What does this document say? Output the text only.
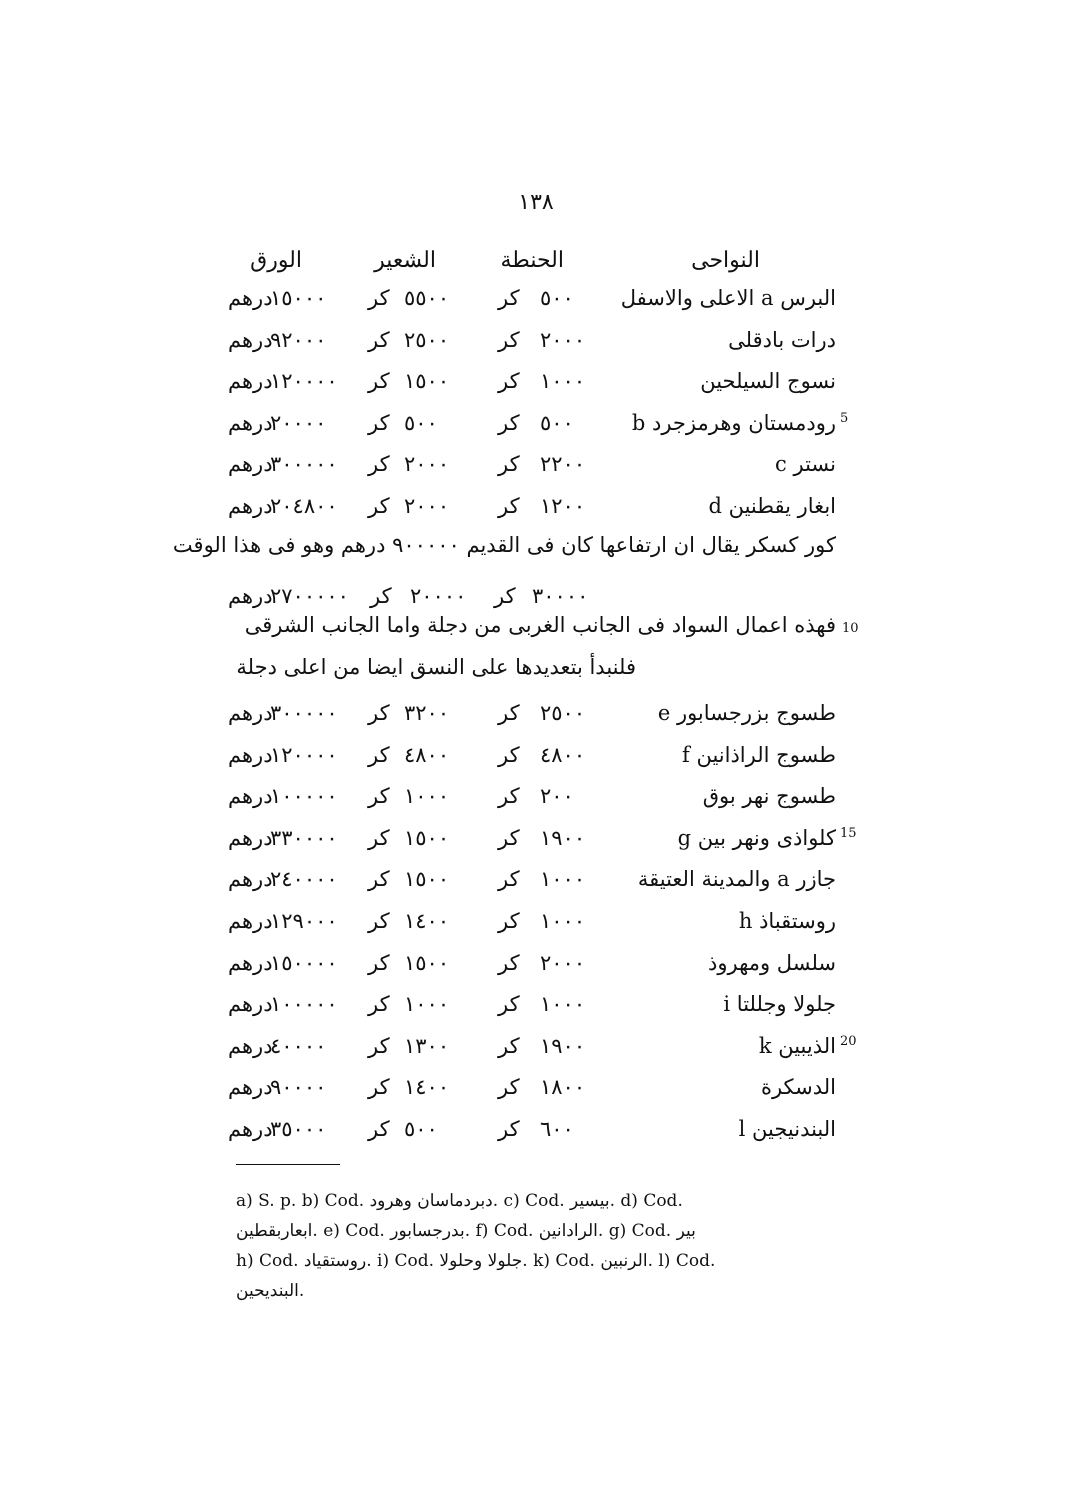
١٣٨
النواحى
الحنطة
الشعير
الورق
البرس a الاعلى والاسفل
٥٠٠
كر
٥٥٠٠
كر
درهم
١٥٠٠٠
درات بادقلى
٢٠٠٠
كر
٢٥٠٠
كر
درهم
٩٢٠٠٠
نسوج السيلحين
١٠٠٠
كر
١٥٠٠
كر
درهم
١٢٠٠٠٠
5
رودمستان وهرمزجرد b
٥٠٠
كر
٥٠٠
كر
درهم
٢٠٠٠٠
نستر c
٢٢٠٠
كر
٢٠٠٠
كر
درهم
٣٠٠٠٠٠
ابغار يقطنين d
١٢٠٠
كر
٢٠٠٠
كر
درهم
٢٠٤٨٠٠
٣٠٠٠٠
كر
٢٠٠٠٠
كر
درهم
٢٧٠٠٠٠٠
طسوج بزرجسابور e
٢٥٠٠
كر
٣٢٠٠
كر
درهم
٣٠٠٠٠٠
طسوج الراذانين f
٤٨٠٠
كر
٤٨٠٠
كر
درهم
١٢٠٠٠٠
طسوج نهر بوق
٢٠٠
كر
١٠٠٠
كر
درهم
١٠٠٠٠٠
15
كلواذى ونهر بين g
١٩٠٠
كر
١٥٠٠
كر
درهم
٣٣٠٠٠٠
جازر a والمدينة العتيقة
١٠٠٠
كر
١٥٠٠
كر
درهم
٢٤٠٠٠٠
روستقباذ h
١٠٠٠
كر
١٤٠٠
كر
درهم
١٢٩٠٠٠
سلسل ومهروذ
٢٠٠٠
كر
١٥٠٠
كر
درهم
١٥٠٠٠٠
جلولا وجللتا i
١٠٠٠
كر
١٠٠٠
كر
درهم
١٠٠٠٠٠
20
الذيبين k
١٩٠٠
كر
١٣٠٠
كر
درهم
٤٠٠٠٠
الدسكرة
١٨٠٠
كر
١٤٠٠
كر
درهم
٩٠٠٠٠
البندنيجين l
٦٠٠
كر
٥٠٠
كر
درهم
٣٥٠٠٠
فهذه اعمال السواد فى الجانب الغربى من دجلة واما الجانب الشرقى 10
فلنبدأ بتعديدها على النسق ايضا من اعلى دجلة
كور كسكر يقال ان ارتفاعها كان فى القديم ٩٠٠٠٠٠ درهم وهو فى هذا الوقت
a) S. p. b) Cod. دبردماسان وهرود. c) Cod. بيسير. d) Cod.
ابعاربقطين. e) Cod. بدرجسابور. f) Cod. الرادانين. g) Cod. بير
h) Cod. روستقياد. i) Cod. جلولا وحلولا. k) Cod. الرنبين. l) Cod.
البنديحين.
